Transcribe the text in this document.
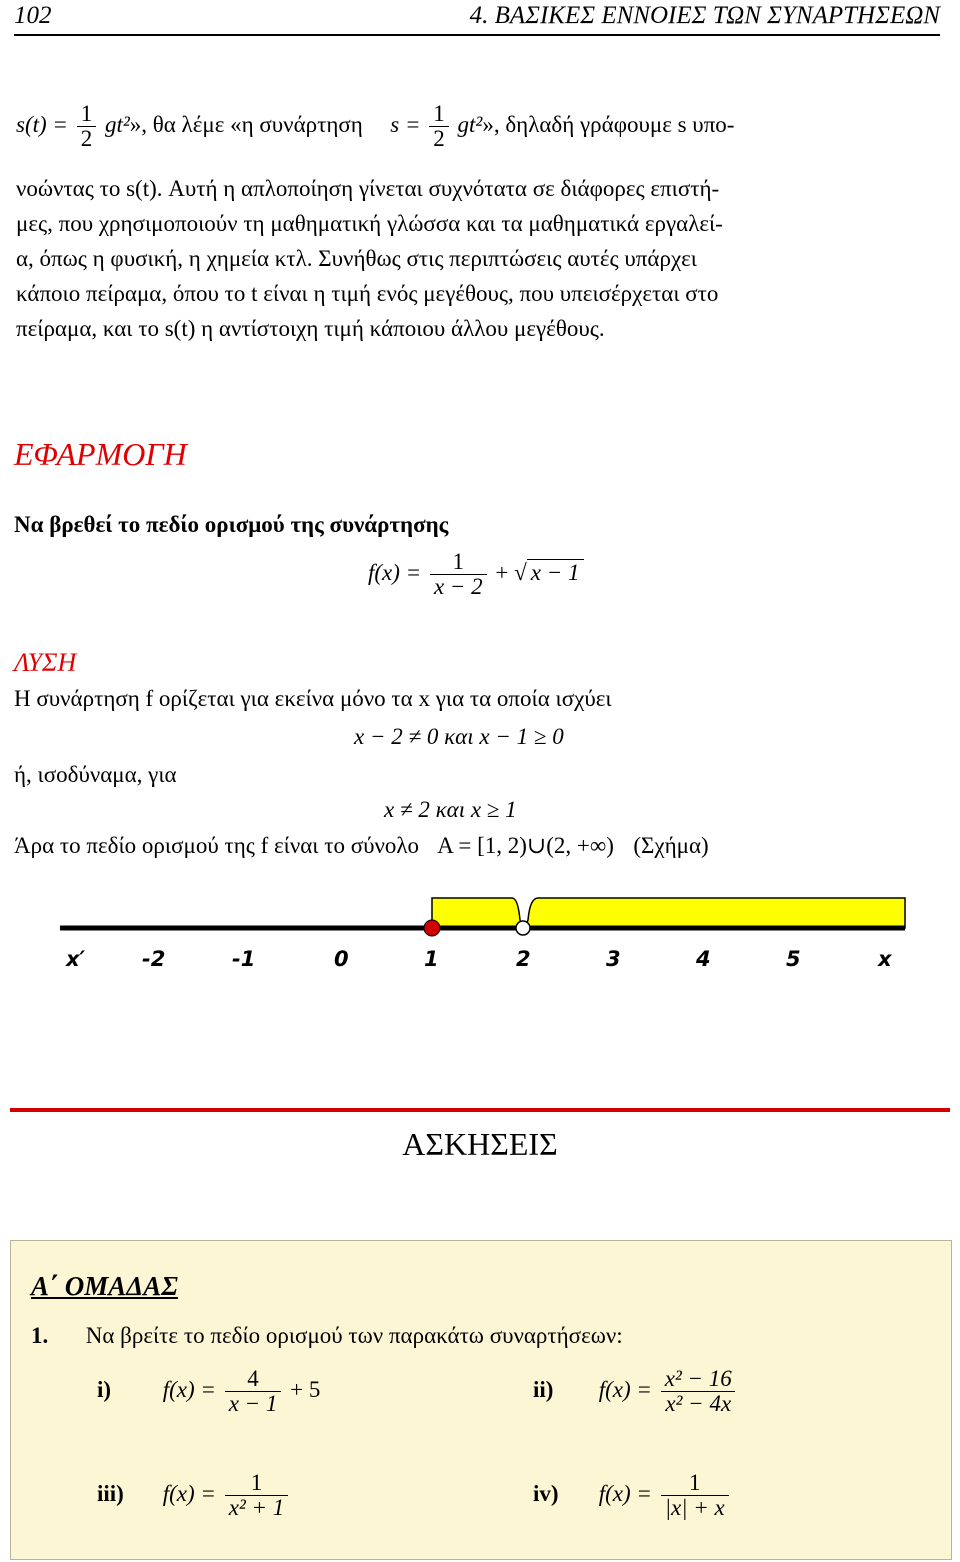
102	4. ΒΑΣΙΚΕΣ ΕΝΝΟΙΕΣ ΤΩΝ ΣΥΝΑΡΤΗΣΕΩΝ
$s(t) = \frac{1}{2} gt^2$», θα λέμε «η συνάρτηση $s = \frac{1}{2} gt^2$», δηλαδή γράφουμε s υπο-
νοώντας το s(t). Αυτή η απλοποίηση γίνεται συχνότατα σε διάφορες επιστή-
μες, που χρησιμοποιούν τη μαθηματική γλώσσα και τα μαθηματικά εργαλεί-
α, όπως η φυσική, η χημεία κτλ. Συνήθως στις περιπτώσεις αυτές υπάρχει
κάποιο πείραμα, όπου το t είναι η τιμή ενός μεγέθους, που υπεισέρχεται στο
πείραμα, και το s(t) η αντίστοιχη τιμή κάποιου άλλου μεγέθους.
ΕΦΑΡΜΟΓΗ
Να βρεθεί το πεδίο ορισμού της συνάρτησης
$f(x) = \frac{1}{x - 2}$ + √ x − 1
ΛΥΣΗ
Η συνάρτηση f ορίζεται για εκείνα μόνο τα x για τα οποία ισχύει
x − 2 ≠ 0 και x − 1 ≥ 0
ή, ισοδύναμα, για
x ≠ 2 και x ≥ 1
Άρα το πεδίο ορισμού της f είναι το σύνολο Α = [1, 2)∪(2, +∞) (Σχήμα)
x′	-2	-1	0	1	2	3	4	5	x
ΑΣΚΗΣΕΙΣ
Α΄ ΟΜΑΔΑΣ
1. Να βρείτε το πεδίο ορισμού των παρακάτω συναρτήσεων:
i) $f(x) = \frac{4}{x - 1} + 5$	ii) $f(x) = \frac{\text{x² − 16}}{\text{x² − 4x}}$
iii) $f(x) = \frac{1}{\text{x² + 1}}$	iv) $f(x) = \frac{1}{|x| + x}$
